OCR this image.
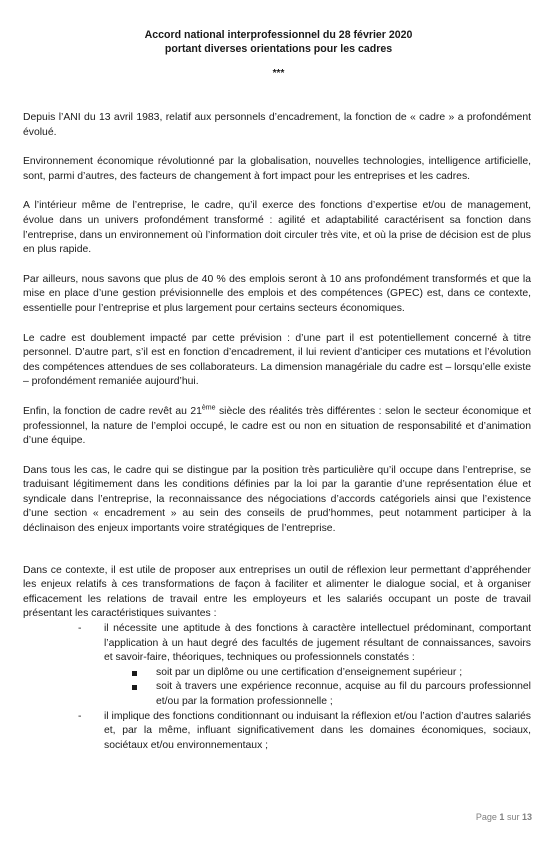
Accord national interprofessionnel du 28 février 2020
portant diverses orientations pour les cadres
***

Depuis l’ANI du 13 avril 1983, relatif aux personnels d’encadrement, la fonction de « cadre » a profondément évolué.

Environnement économique révolutionné par la globalisation, nouvelles technologies, intelligence artificielle, sont, parmi d’autres, des facteurs de changement à fort impact pour les entreprises et les cadres.

A l’intérieur même de l’entreprise, le cadre, qu’il exerce des fonctions d’expertise et/ou de management, évolue dans un univers profondément transformé : agilité et adaptabilité caractérisent sa fonction dans l’entreprise, dans un environnement où l’information doit circuler très vite, et où la prise de décision est de plus en plus rapide.

Par ailleurs, nous savons que plus de 40 % des emplois seront à 10 ans profondément transformés et que la mise en place d’une gestion prévisionnelle des emplois et des compétences (GPEC) est, dans ce contexte, essentielle pour l’entreprise et plus largement pour certains secteurs économiques.

Le cadre est doublement impacté par cette prévision : d’une part il est potentiellement concerné à titre personnel. D’autre part, s’il est en fonction d’encadrement, il lui revient d’anticiper ces mutations et l’évolution des compétences attendues de ses collaborateurs. La dimension managériale du cadre est – lorsqu’elle existe – profondément remaniée aujourd’hui.

Enfin, la fonction de cadre revêt au 21ème siècle des réalités très différentes : selon le secteur économique et professionnel, la nature de l’emploi occupé, le cadre est ou non en situation de responsabilité et d’animation d’une équipe.

Dans tous les cas, le cadre qui se distingue par la position très particulière qu’il occupe dans l’entreprise, se traduisant légitimement dans les conditions définies par la loi par la garantie d’une représentation élue et syndicale dans l’entreprise, la reconnaissance des négociations d’accords catégoriels ainsi que l’existence d’une section « encadrement » au sein des conseils de prud’hommes, peut notamment participer à la déclinaison des enjeux importants voire stratégiques de l’entreprise.

Dans ce contexte, il est utile de proposer aux entreprises un outil de réflexion leur permettant d’appréhender les enjeux relatifs à ces transformations de façon à faciliter et alimenter le dialogue social, et à organiser efficacement les relations de travail entre les employeurs et les salariés occupant un poste de travail présentant les caractéristiques suivantes :

- il nécessite une aptitude à des fonctions à caractère intellectuel prédominant, comportant l’application à un haut degré des facultés de jugement résultant de connaissances, savoirs et savoir-faire, théoriques, techniques ou professionnels constatés :
soit par un diplôme ou une certification d’enseignement supérieur ;
soit à travers une expérience reconnue, acquise au fil du parcours professionnel et/ou par la formation professionnelle ;
- il implique des fonctions conditionnant ou induisant la réflexion et/ou l’action d’autres salariés et, par la même, influant significativement dans les domaines économiques, sociaux, sociétaux et/ou environnementaux ;
Page 1 sur 13
